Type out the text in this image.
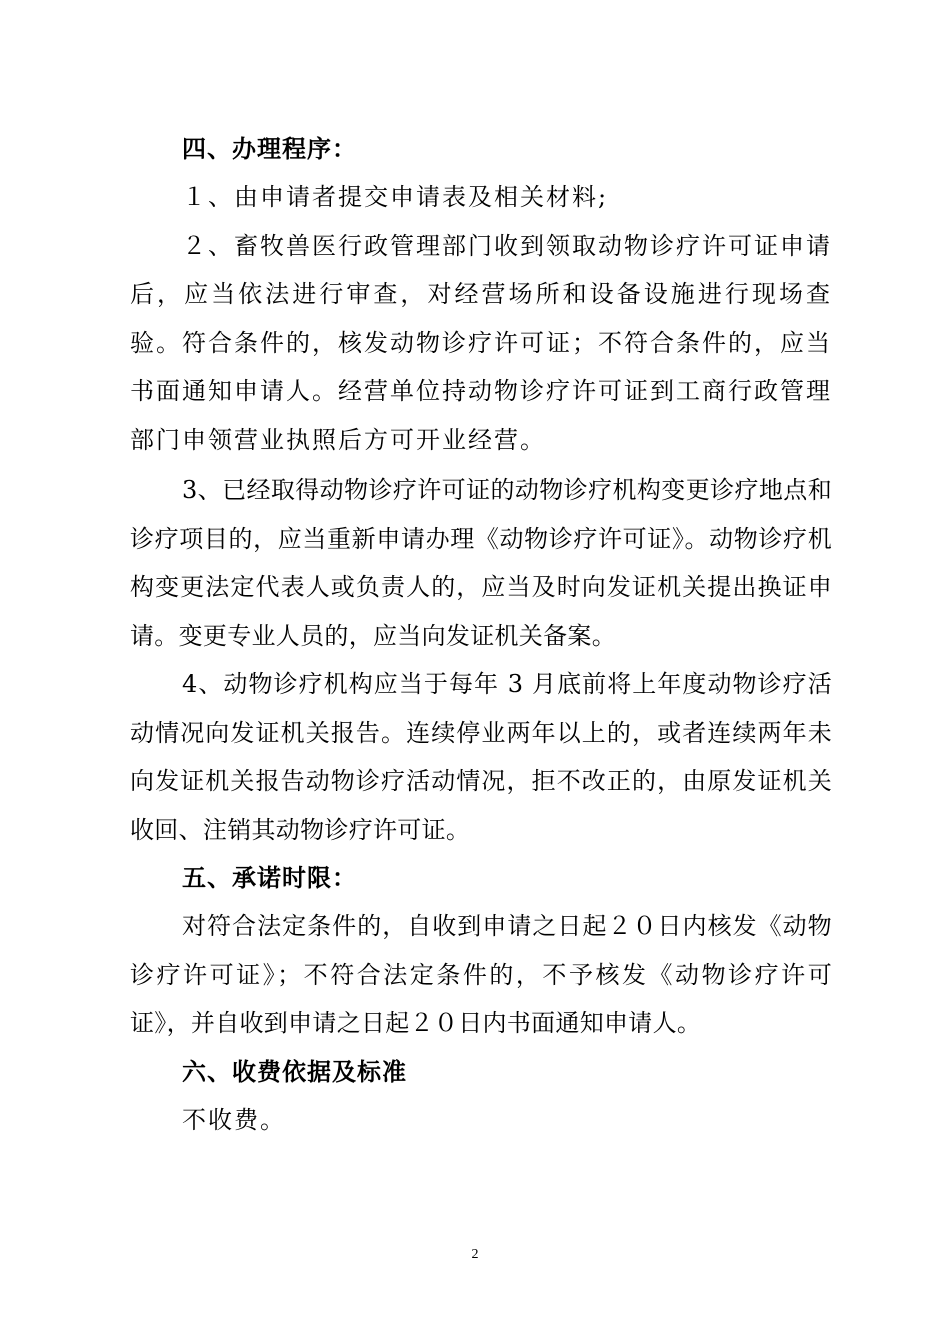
四、办理程序：

１、由申请者提交申请表及相关材料;

２、畜牧兽医行政管理部门收到领取动物诊疗许可证申请后，应当依法进行审查，对经营场所和设备设施进行现场查验。符合条件的，核发动物诊疗许可证；不符合条件的，应当书面通知申请人。经营单位持动物诊疗许可证到工商行政管理部门申领营业执照后方可开业经营。

3、已经取得动物诊疗许可证的动物诊疗机构变更诊疗地点和诊疗项目的，应当重新申请办理《动物诊疗许可证》。动物诊疗机构变更法定代表人或负责人的，应当及时向发证机关提出换证申请。变更专业人员的，应当向发证机关备案。

4、动物诊疗机构应当于每年 3 月底前将上年度动物诊疗活动情况向发证机关报告。连续停业两年以上的，或者连续两年未向发证机关报告动物诊疗活动情况，拒不改正的，由原发证机关收回、注销其动物诊疗许可证。

五、承诺时限：

对符合法定条件的，自收到申请之日起２０日内核发《动物诊疗许可证》；不符合法定条件的，不予核发《动物诊疗许可证》，并自收到申请之日起２０日内书面通知申请人。

六、收费依据及标准

不收费。

2
